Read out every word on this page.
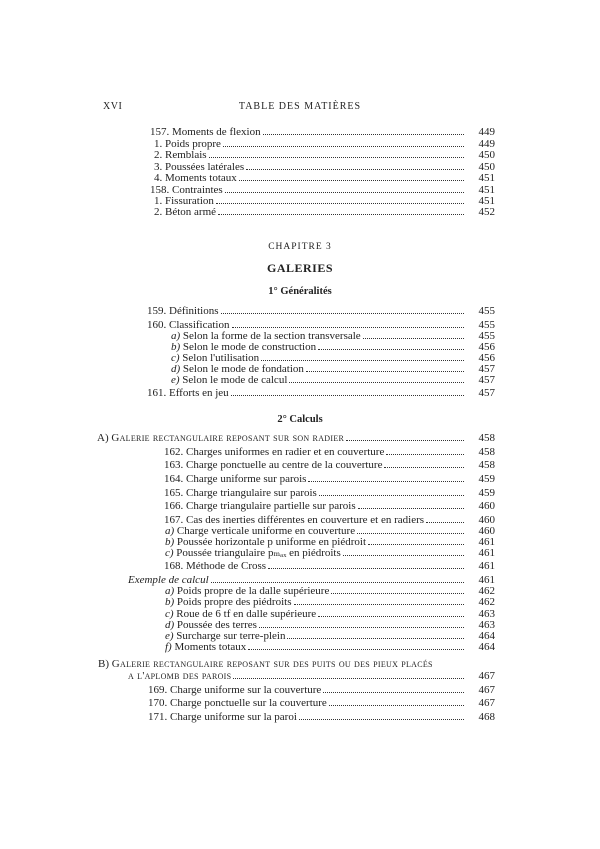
XVI	TABLE DES MATIÈRES
CHAPITRE 3
GALERIES
1° Généralités
2° Calculs
157. Moments de flexion	449
1. Poids propre	449
2. Remblais	450
3. Poussées latérales	450
4. Moments totaux	451
158. Contraintes	451
1. Fissuration	451
2. Béton armé	452
159. Définitions	455
160. Classification	455
a) Selon la forme de la section transversale	455
b) Selon le mode de construction	456
c) Selon l'utilisation	456
d) Selon le mode de fondation	457
e) Selon le mode de calcul	457
161. Efforts en jeu	457
A) Galerie rectangulaire reposant sur son radier	458
162. Charges uniformes en radier et en couverture	458
163. Charge ponctuelle au centre de la couverture	458
164. Charge uniforme sur parois	459
165. Charge triangulaire sur parois	459
166. Charge triangulaire partielle sur parois	460
167. Cas des inerties différentes en couverture et en radiers	460
a) Charge verticale uniforme en couverture	460
b) Poussée horizontale p uniforme en piédroit	461
c) Poussée triangulaire pₘₐₓ en piédroits	461
168. Méthode de Cross	461
Exemple de calcul	461
a) Poids propre de la dalle supérieure	462
b) Poids propre des piédroits	462
c) Roue de 6 tf en dalle supérieure	463
d) Poussée des terres	463
e) Surcharge sur terre-plein	464
f) Moments totaux	464
B) Galerie rectangulaire reposant sur des puits ou des pieux placés
a l'aplomb des parois	467
169. Charge uniforme sur la couverture	467
170. Charge ponctuelle sur la couverture	467
171. Charge uniforme sur la paroi	468
